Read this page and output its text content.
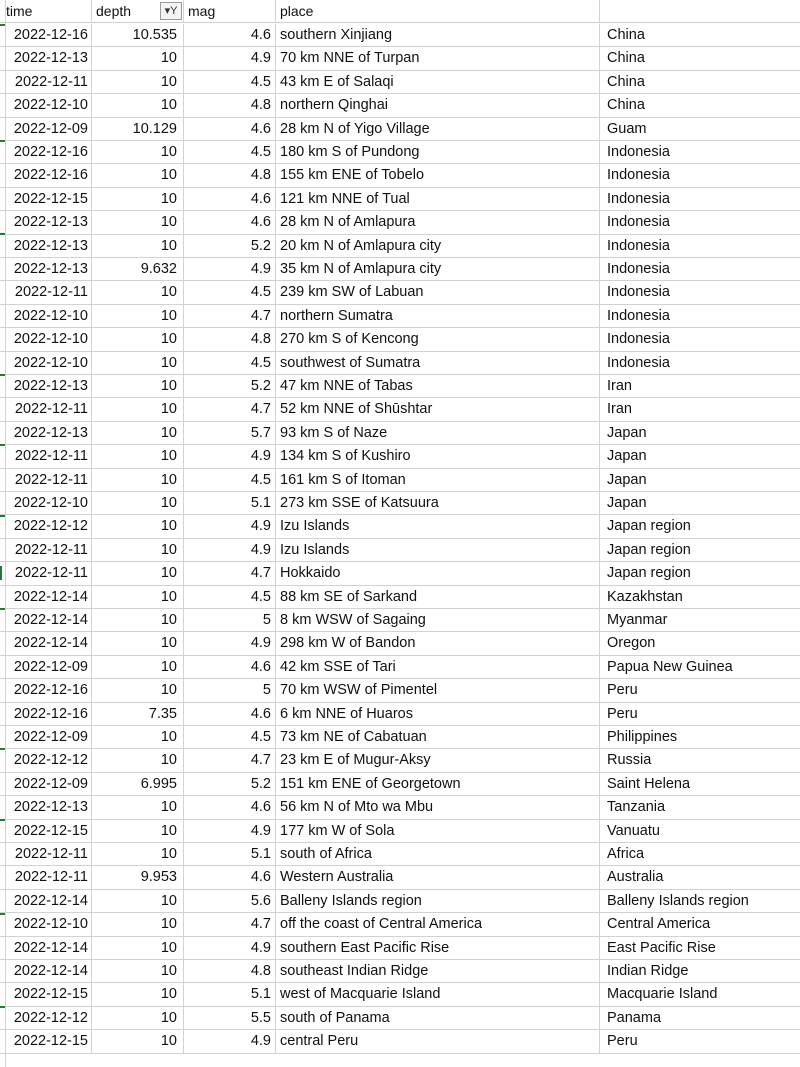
time	depth	▾Y mag	place
2022-12-16	10.535	4.6 southern Xinjiang	China
2022-12-13	10	4.9 70 km NNE of Turpan	China
2022-12-11	10	4.5 43 km E of Salaqi	China
2022-12-10	10	4.8 northern Qinghai	China
2022-12-09	10.129	4.6 28 km N of Yigo Village	Guam
2022-12-16	10	4.5 180 km S of Pundong	Indonesia
2022-12-16	10	4.8 155 km ENE of Tobelo	Indonesia
2022-12-15	10	4.6 121 km NNE of Tual	Indonesia
2022-12-13	10	4.6 28 km N of Amlapura	Indonesia
2022-12-13	10	5.2 20 km N of Amlapura city	Indonesia
2022-12-13	9.632	4.9 35 km N of Amlapura city	Indonesia
2022-12-11	10	4.5 239 km SW of Labuan	Indonesia
2022-12-10	10	4.7 northern Sumatra	Indonesia
2022-12-10	10	4.8 270 km S of Kencong	Indonesia
2022-12-10	10	4.5 southwest of Sumatra	Indonesia
2022-12-13	10	5.2 47 km NNE of Tabas	Iran
2022-12-11	10	4.7 52 km NNE of Shūshtar	Iran
2022-12-13	10	5.7 93 km S of Naze	Japan
2022-12-11	10	4.9 134 km S of Kushiro	Japan
2022-12-11	10	4.5 161 km S of Itoman	Japan
2022-12-10	10	5.1 273 km SSE of Katsuura	Japan
2022-12-12	10	4.9 Izu Islands	Japan region
2022-12-11	10	4.9 Izu Islands	Japan region
2022-12-11	10	4.7 Hokkaido	Japan region
2022-12-14	10	4.5 88 km SE of Sarkand	Kazakhstan
2022-12-14	10	5 8 km WSW of Sagaing	Myanmar
2022-12-14	10	4.9 298 km W of Bandon	Oregon
2022-12-09	10	4.6 42 km SSE of Tari	Papua New Guinea
2022-12-16	10	5 70 km WSW of Pimentel	Peru
2022-12-16	7.35	4.6 6 km NNE of Huaros	Peru
2022-12-09	10	4.5 73 km NE of Cabatuan	Philippines
2022-12-12	10	4.7 23 km E of Mugur-Aksy	Russia
2022-12-09	6.995	5.2 151 km ENE of Georgetown	Saint Helena
2022-12-13	10	4.6 56 km N of Mto wa Mbu	Tanzania
2022-12-15	10	4.9 177 km W of Sola	Vanuatu
2022-12-11	10	5.1 south of Africa	Africa
2022-12-11	9.953	4.6 Western Australia	Australia
2022-12-14	10	5.6 Balleny Islands region	Balleny Islands region
2022-12-10	10	4.7 off the coast of Central America	Central America
2022-12-14	10	4.9 southern East Pacific Rise	East Pacific Rise
2022-12-14	10	4.8 southeast Indian Ridge	Indian Ridge
2022-12-15	10	5.1 west of Macquarie Island	Macquarie Island
2022-12-12	10	5.5 south of Panama	Panama
2022-12-15	10	4.9 central Peru	Peru
